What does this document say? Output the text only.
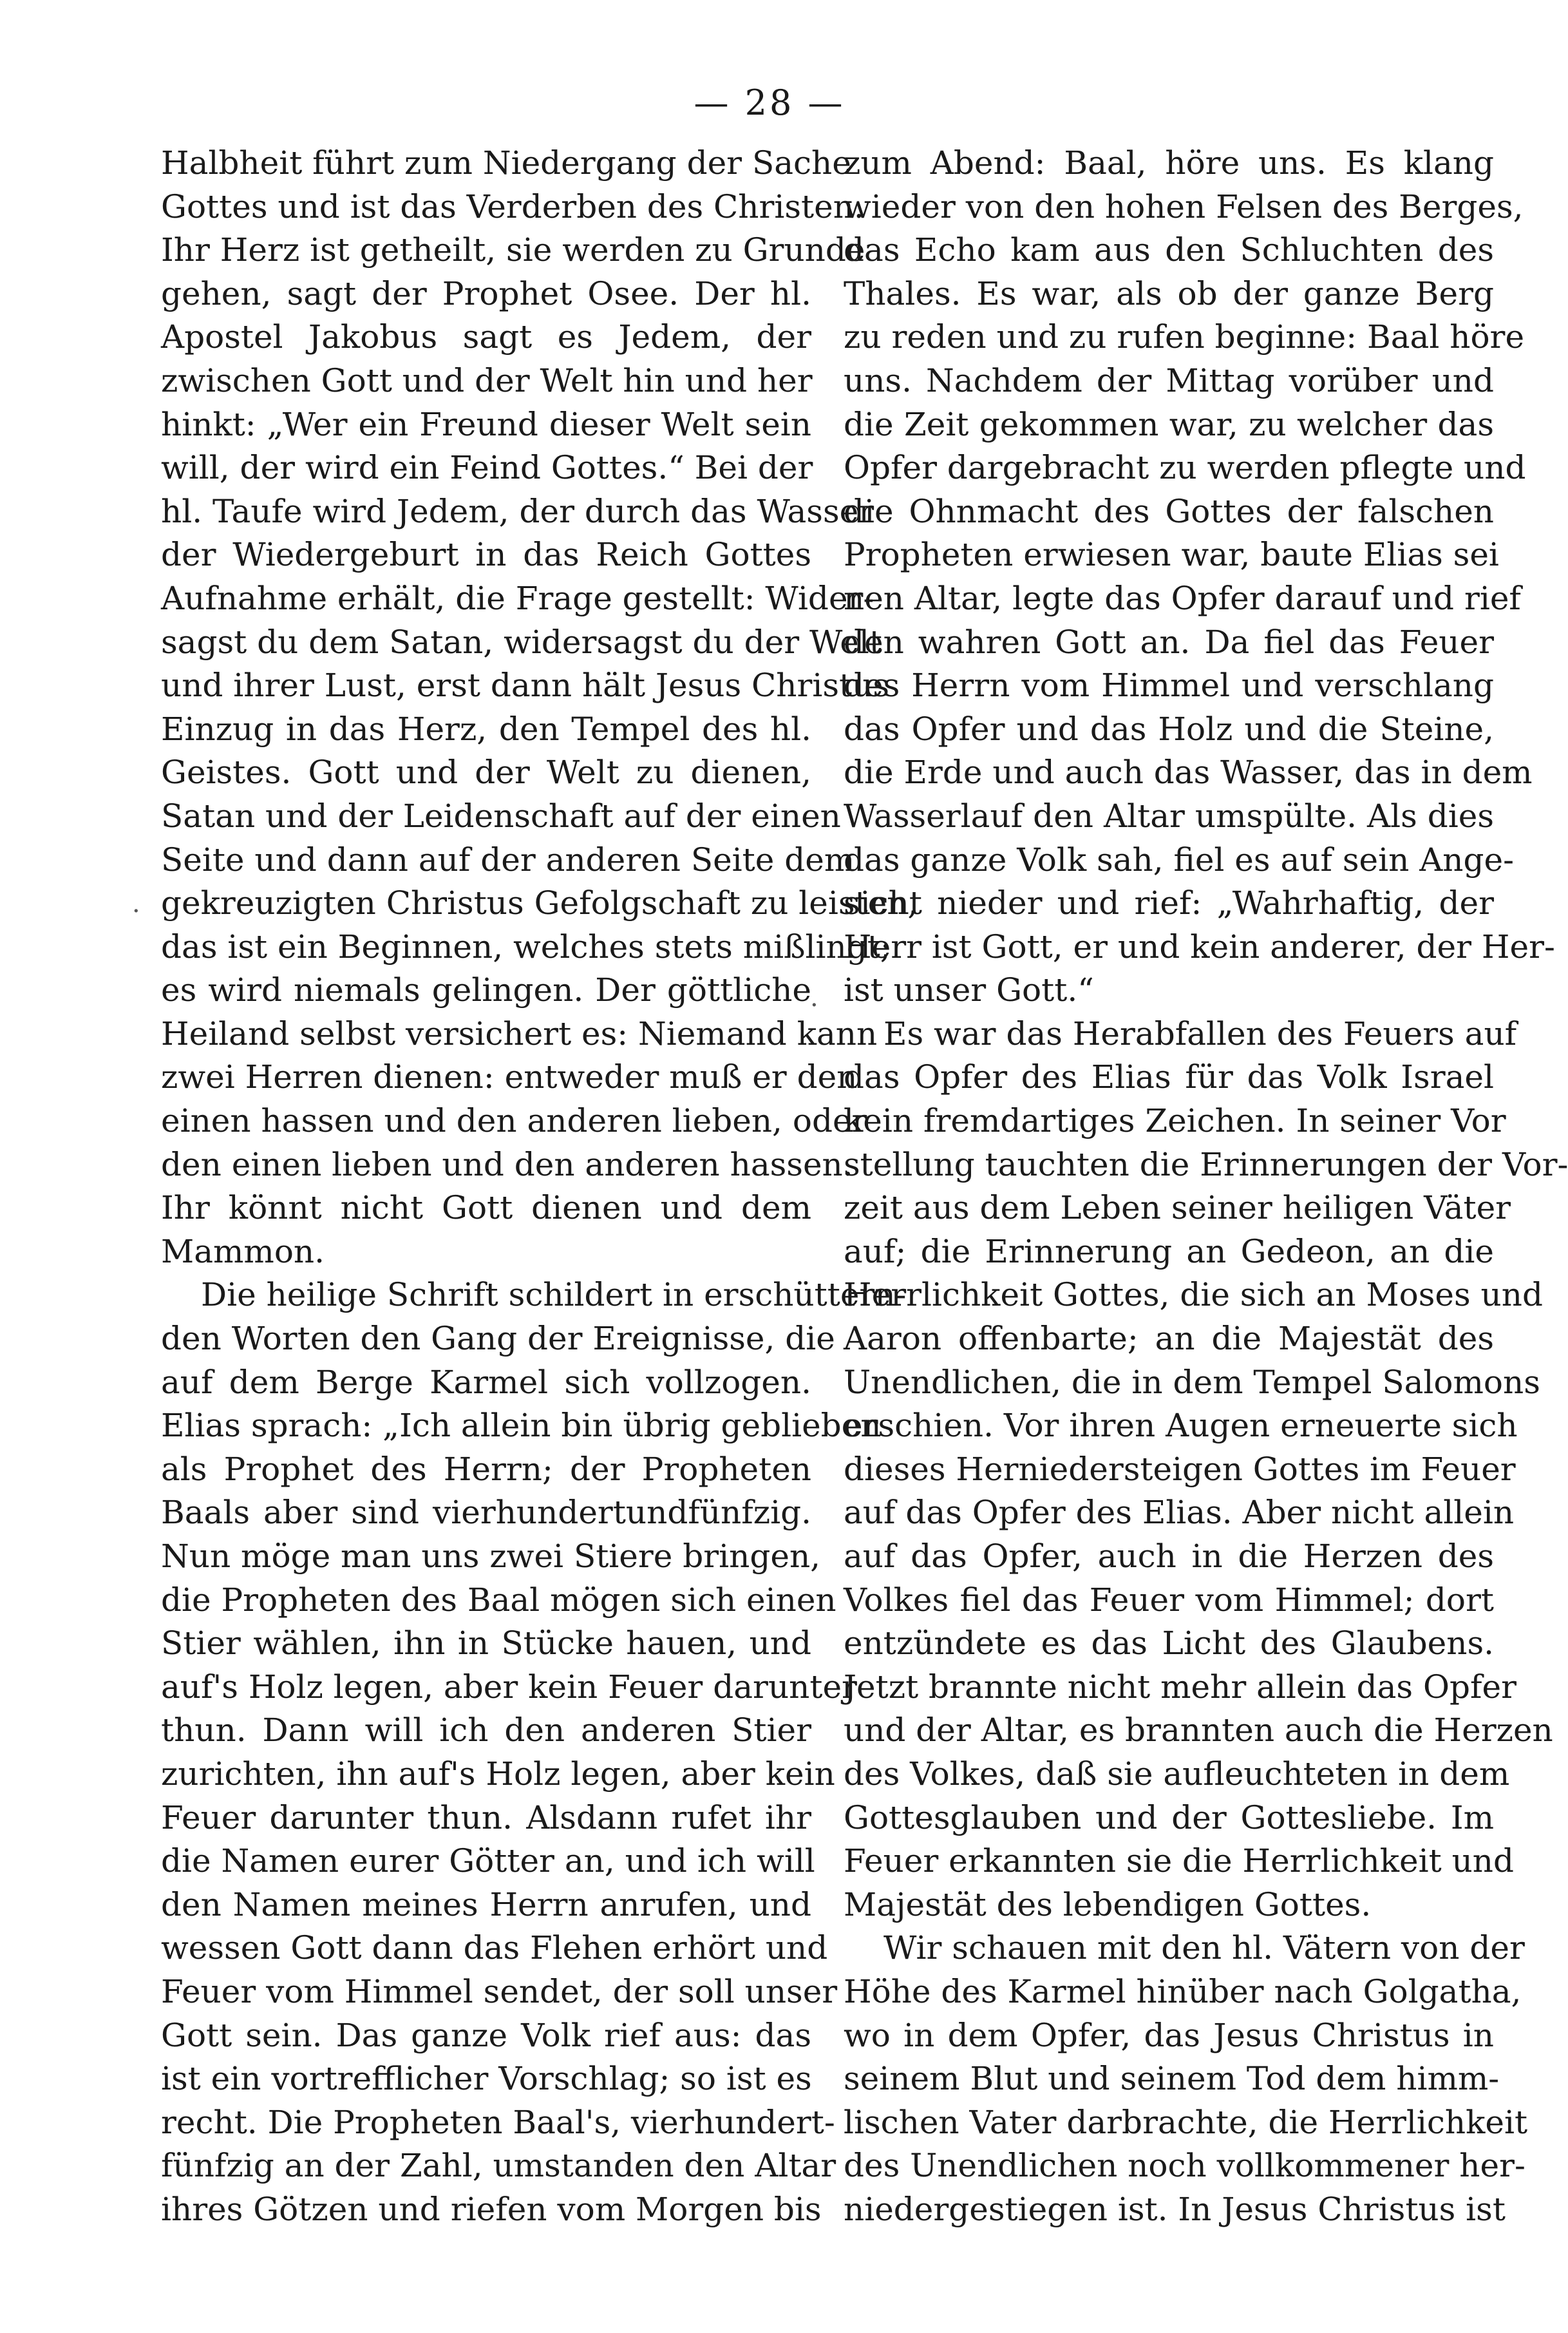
— 28 —
·
.
Halbheit führt zum Niedergang der Sache
Gottes und ist das Verderben des Christen.
Ihr Herz ist getheilt, sie werden zu Grunde
gehen, sagt der Prophet Osee. Der hl.
Apostel Jakobus sagt es Jedem, der
zwischen Gott und der Welt hin und her
hinkt: „Wer ein Freund dieser Welt sein
will, der wird ein Feind Gottes.“ Bei der
hl. Taufe wird Jedem, der durch das Wasser
der Wiedergeburt in das Reich Gottes
Aufnahme erhält, die Frage gestellt: Wider-
sagst du dem Satan, widersagst du der Welt
und ihrer Lust, erst dann hält Jesus Christus
Einzug in das Herz, den Tempel des hl.
Geistes. Gott und der Welt zu dienen,
Satan und der Leidenschaft auf der einen
Seite und dann auf der anderen Seite dem
gekreuzigten Christus Gefolgschaft zu leisten,
das ist ein Beginnen, welches stets mißlingt;
es wird niemals gelingen. Der göttliche
Heiland selbst versichert es: Niemand kann
zwei Herren dienen: entweder muß er den
einen hassen und den anderen lieben, oder
den einen lieben und den anderen hassen.
Ihr könnt nicht Gott dienen und dem
Mammon.
Die heilige Schrift schildert in erschüttern-
den Worten den Gang der Ereignisse, die
auf dem Berge Karmel sich vollzogen.
Elias sprach: „Ich allein bin übrig geblieben
als Prophet des Herrn; der Propheten
Baals aber sind vierhundertundfünfzig.
Nun möge man uns zwei Stiere bringen,
die Propheten des Baal mögen sich einen
Stier wählen, ihn in Stücke hauen, und
auf's Holz legen, aber kein Feuer darunter
thun. Dann will ich den anderen Stier
zurichten, ihn auf's Holz legen, aber kein
Feuer darunter thun. Alsdann rufet ihr
die Namen eurer Götter an, und ich will
den Namen meines Herrn anrufen, und
wessen Gott dann das Flehen erhört und
Feuer vom Himmel sendet, der soll unser
Gott sein. Das ganze Volk rief aus: das
ist ein vortrefflicher Vorschlag; so ist es
recht. Die Propheten Baal's, vierhundert-
fünfzig an der Zahl, umstanden den Altar
ihres Götzen und riefen vom Morgen bis
zum Abend: Baal, höre uns. Es klang
wieder von den hohen Felsen des Berges,
das Echo kam aus den Schluchten des
Thales. Es war, als ob der ganze Berg
zu reden und zu rufen beginne: Baal höre
uns. Nachdem der Mittag vorüber und
die Zeit gekommen war, zu welcher das
Opfer dargebracht zu werden pflegte und
die Ohnmacht des Gottes der falschen
Propheten erwiesen war, baute Elias sei
nen Altar, legte das Opfer darauf und rief
den wahren Gott an. Da fiel das Feuer
des Herrn vom Himmel und verschlang
das Opfer und das Holz und die Steine,
die Erde und auch das Wasser, das in dem
Wasserlauf den Altar umspülte. Als dies
das ganze Volk sah, fiel es auf sein Ange-
sicht nieder und rief: „Wahrhaftig, der
Herr ist Gott, er und kein anderer, der Her-
ist unser Gott.“
Es war das Herabfallen des Feuers auf
das Opfer des Elias für das Volk Israel
kein fremdartiges Zeichen. In seiner Vor
stellung tauchten die Erinnerungen der Vor-
zeit aus dem Leben seiner heiligen Väter
auf; die Erinnerung an Gedeon, an die
Herrlichkeit Gottes, die sich an Moses und
Aaron offenbarte; an die Majestät des
Unendlichen, die in dem Tempel Salomons
erschien. Vor ihren Augen erneuerte sich
dieses Herniedersteigen Gottes im Feuer
auf das Opfer des Elias. Aber nicht allein
auf das Opfer, auch in die Herzen des
Volkes fiel das Feuer vom Himmel; dort
entzündete es das Licht des Glaubens.
Jetzt brannte nicht mehr allein das Opfer
und der Altar, es brannten auch die Herzen
des Volkes, daß sie aufleuchteten in dem
Gottesglauben und der Gottesliebe. Im
Feuer erkannten sie die Herrlichkeit und
Majestät des lebendigen Gottes.
Wir schauen mit den hl. Vätern von der
Höhe des Karmel hinüber nach Golgatha,
wo in dem Opfer, das Jesus Christus in
seinem Blut und seinem Tod dem himm-
lischen Vater darbrachte, die Herrlichkeit
des Unendlichen noch vollkommener her-
niedergestiegen ist. In Jesus Christus ist
